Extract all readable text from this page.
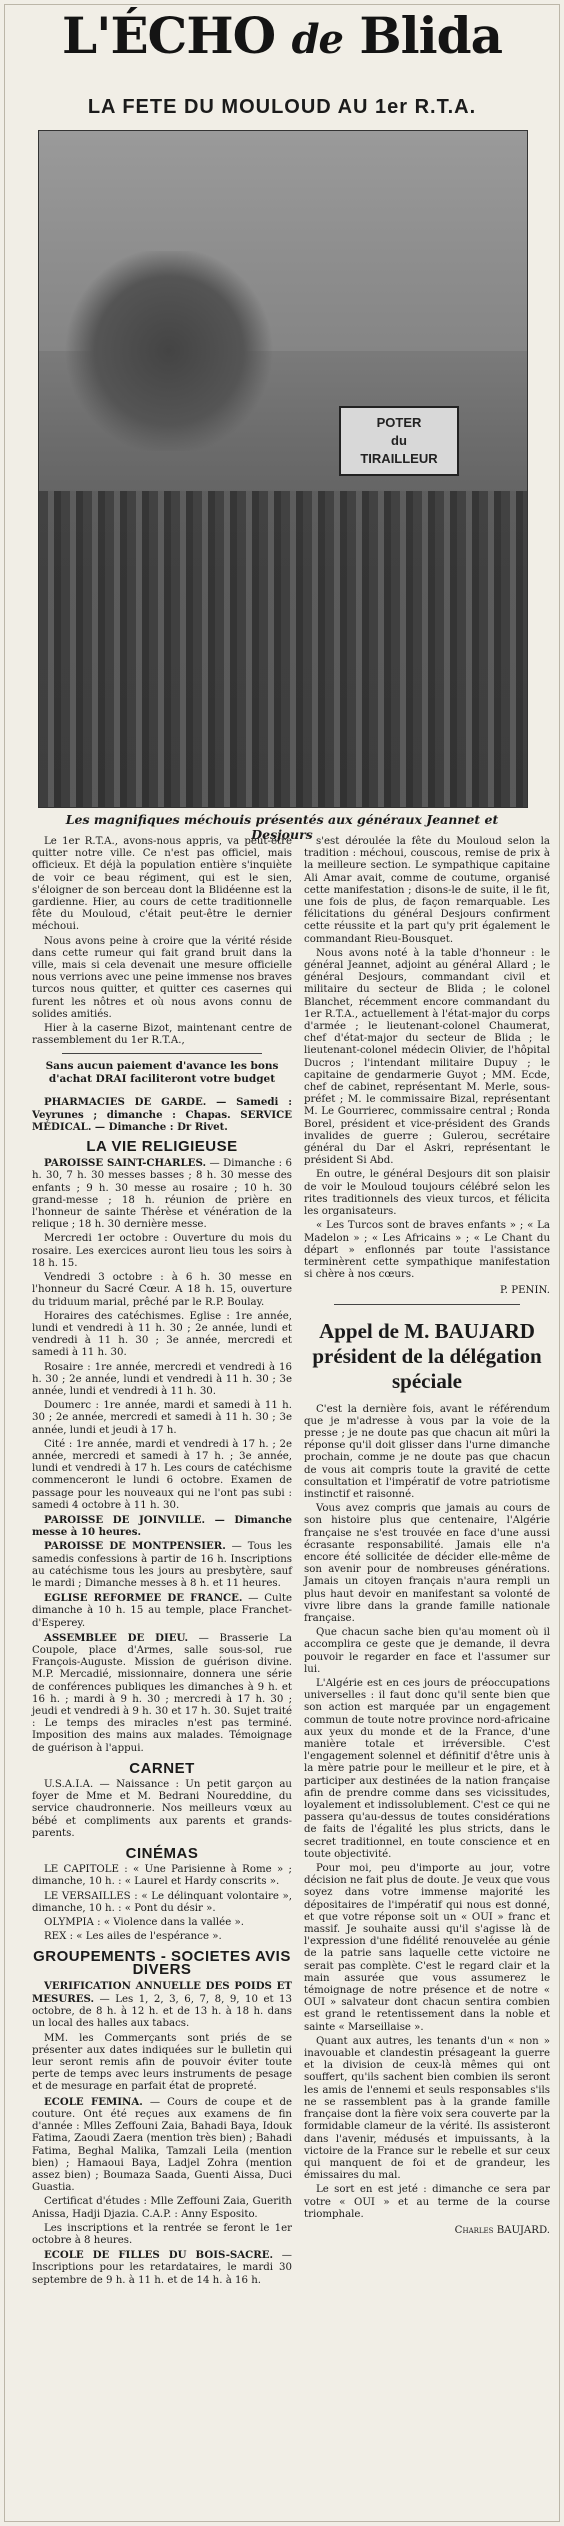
L'ÉCHO de Blida
LA FETE DU MOULOUD AU 1er R.T.A.
POTER
du
TIRAILLEUR
Les magnifiques méchouis présentés aux généraux Jeannet et Desjours

Le 1er R.T.A., avons-nous appris, va peut-être quitter notre ville. Ce n'est pas officiel, mais officieux. Et déjà la population entière s'inquiète de voir ce beau régiment, qui est le sien, s'éloigner de son berceau dont la Blidéenne est la gardienne. Hier, au cours de cette traditionnelle fête du Mouloud, c'était peut-être le dernier méchoui.

Nous avons peine à croire que la vérité réside dans cette rumeur qui fait grand bruit dans la ville, mais si cela devenait une mesure officielle nous verrions avec une peine immense nos braves turcos nous quitter, et quitter ces casernes qui furent les nôtres et où nous avons connu de solides amitiés.

Hier à la caserne Bizot, maintenant centre de rassemblement du 1er R.T.A.,

Sans aucun paiement d'avance les bons d'achat DRAI faciliteront votre budget

PHARMACIES DE GARDE. — Samedi : Veyrunes ; dimanche : Chapas. SERVICE MÉDICAL. — Dimanche : Dr Rivet.

LA VIE RELIGIEUSE

PAROISSE SAINT-CHARLES. — Dimanche : 6 h. 30, 7 h. 30 messes basses ; 8 h. 30 messe des enfants ; 9 h. 30 messe au rosaire ; 10 h. 30 grand-messe ; 18 h. réunion de prière en l'honneur de sainte Thérèse et vénération de la relique ; 18 h. 30 dernière messe.

Mercredi 1er octobre : Ouverture du mois du rosaire. Les exercices auront lieu tous les soirs à 18 h. 15.

Vendredi 3 octobre : à 6 h. 30 messe en l'honneur du Sacré Cœur. A 18 h. 15, ouverture du triduum marial, prêché par le R.P. Boulay.

Horaires des catéchismes. Eglise : 1re année, lundi et vendredi à 11 h. 30 ; 2e année, lundi et vendredi à 11 h. 30 ; 3e année, mercredi et samedi à 11 h. 30.

Rosaire : 1re année, mercredi et vendredi à 16 h. 30 ; 2e année, lundi et vendredi à 11 h. 30 ; 3e année, lundi et vendredi à 11 h. 30.

Doumerc : 1re année, mardi et samedi à 11 h. 30 ; 2e année, mercredi et samedi à 11 h. 30 ; 3e année, lundi et jeudi à 17 h.

Cité : 1re année, mardi et vendredi à 17 h. ; 2e année, mercredi et samedi à 17 h. ; 3e année, lundi et vendredi à 17 h. Les cours de catéchisme commenceront le lundi 6 octobre. Examen de passage pour les nouveaux qui ne l'ont pas subi : samedi 4 octobre à 11 h. 30.

PAROISSE DE JOINVILLE. — Dimanche messe à 10 heures.

PAROISSE DE MONTPENSIER. — Tous les samedis confessions à partir de 16 h. Inscriptions au catéchisme tous les jours au presbytère, sauf le mardi ; Dimanche messes à 8 h. et 11 heures.

EGLISE REFORMEE DE FRANCE. — Culte dimanche à 10 h. 15 au temple, place Franchet-d'Esperey.

ASSEMBLEE DE DIEU. — Brasserie La Coupole, place d'Armes, salle sous-sol, rue François-Auguste. Mission de guérison divine. M.P. Mercadié, missionnaire, donnera une série de conférences publiques les dimanches à 9 h. et 16 h. ; mardi à 9 h. 30 ; mercredi à 17 h. 30 ; jeudi et vendredi à 9 h. 30 et 17 h. 30. Sujet traité : Le temps des miracles n'est pas terminé. Imposition des mains aux malades. Témoignage de guérison à l'appui.

CARNET

U.S.A.I.A. — Naissance : Un petit garçon au foyer de Mme et M. Bedrani Noureddine, du service chaudronnerie. Nos meilleurs vœux au bébé et compliments aux parents et grands-parents.

CINÉMAS

LE CAPITOLE : « Une Parisienne à Rome » ; dimanche, 10 h. : « Laurel et Hardy conscrits ».

LE VERSAILLES : « Le délinquant volontaire », dimanche, 10 h. : « Pont du désir ».

OLYMPIA : « Violence dans la vallée ».

REX : « Les ailes de l'espérance ».

GROUPEMENTS - SOCIETES AVIS DIVERS

VERIFICATION ANNUELLE DES POIDS ET MESURES. — Les 1, 2, 3, 6, 7, 8, 9, 10 et 13 octobre, de 8 h. à 12 h. et de 13 h. à 18 h. dans un local des halles aux tabacs.

MM. les Commerçants sont priés de se présenter aux dates indiquées sur le bulletin qui leur seront remis afin de pouvoir éviter toute perte de temps avec leurs instruments de pesage et de mesurage en parfait état de propreté.

ECOLE FEMINA. — Cours de coupe et de couture. Ont été reçues aux examens de fin d'année : Mlles Zeffouni Zaia, Bahadi Baya, Idouk Fatima, Zaoudi Zaera (mention très bien) ; Bahadi Fatima, Beghal Malika, Tamzali Leila (mention bien) ; Hamaoui Baya, Ladjel Zohra (mention assez bien) ; Boumaza Saada, Guenti Aissa, Duci Guastia.

Certificat d'études : Mlle Zeffouni Zaia, Guerith Anissa, Hadji Djazia. C.A.P. : Anny Esposito.

Les inscriptions et la rentrée se feront le 1er octobre à 8 heures.

ECOLE DE FILLES DU BOIS-SACRE. — Inscriptions pour les retardataires, le mardi 30 septembre de 9 h. à 11 h. et de 14 h. à 16 h.

s'est déroulée la fête du Mouloud selon la tradition : méchoui, couscous, remise de prix à la meilleure section. Le sympathique capitaine Ali Amar avait, comme de coutume, organisé cette manifestation ; disons-le de suite, il le fit, une fois de plus, de façon remarquable. Les félicitations du général Desjours confirment cette réussite et la part qu'y prit également le commandant Rieu-Bousquet.

Nous avons noté à la table d'honneur : le général Jeannet, adjoint au général Allard ; le général Desjours, commandant civil et militaire du secteur de Blida ; le colonel Blanchet, récemment encore commandant du 1er R.T.A., actuellement à l'état-major du corps d'armée ; le lieutenant-colonel Chaumerat, chef d'état-major du secteur de Blida ; le lieutenant-colonel médecin Olivier, de l'hôpital Ducros ; l'intendant militaire Dupuy ; le capitaine de gendarmerie Guyot ; MM. Ecde, chef de cabinet, représentant M. Merle, sous-préfet ; M. le commissaire Bizal, représentant M. Le Gourrierec, commissaire central ; Ronda Borel, président et vice-président des Grands invalides de guerre ; Gulerou, secrétaire général du Dar el Askri, représentant le président Si Abd.

En outre, le général Desjours dit son plaisir de voir le Mouloud toujours célébré selon les rites traditionnels des vieux turcos, et félicita les organisateurs.

« Les Turcos sont de braves enfants » ; « La Madelon » ; « Les Africains » ; « Le Chant du départ » enflonnés par toute l'assistance terminèrent cette sympathique manifestation si chère à nos cœurs.

P. PENIN.
Appel de M. BAUJARD président de la délégation spéciale

C'est la dernière fois, avant le référendum que je m'adresse à vous par la voie de la presse ; je ne doute pas que chacun ait mûri la réponse qu'il doit glisser dans l'urne dimanche prochain, comme je ne doute pas que chacun de vous ait compris toute la gravité de cette consultation et l'impératif de votre patriotisme instinctif et raisonné.

Vous avez compris que jamais au cours de son histoire plus que centenaire, l'Algérie française ne s'est trouvée en face d'une aussi écrasante responsabilité. Jamais elle n'a encore été sollicitée de décider elle-même de son avenir pour de nombreuses générations. Jamais un citoyen français n'aura rempli un plus haut devoir en manifestant sa volonté de vivre libre dans la grande famille nationale française.

Que chacun sache bien qu'au moment où il accomplira ce geste que je demande, il devra pouvoir le regarder en face et l'assumer sur lui.

L'Algérie est en ces jours de préoccupations universelles : il faut donc qu'il sente bien que son action est marquée par un engagement commun de toute notre province nord-africaine aux yeux du monde et de la France, d'une manière totale et irréversible. C'est l'engagement solennel et définitif d'être unis à la mère patrie pour le meilleur et le pire, et à participer aux destinées de la nation française afin de prendre comme dans ses vicissitudes, loyalement et indissolublement. C'est ce qui ne passera qu'au-dessus de toutes considérations de faits de l'égalité les plus stricts, dans le secret traditionnel, en toute conscience et en toute objectivité.

Pour moi, peu d'importe au jour, votre décision ne fait plus de doute. Je veux que vous soyez dans votre immense majorité les dépositaires de l'impératif qui nous est donné, et que votre réponse soit un « OUI » franc et massif. Je souhaite aussi qu'il s'agisse là de l'expression d'une fidélité renouvelée au génie de la patrie sans laquelle cette victoire ne serait pas complète. C'est le regard clair et la main assurée que vous assumerez le témoignage de notre présence et de notre « OUI » salvateur dont chacun sentira combien est grand le retentissement dans la noble et sainte « Marseillaise ».

Quant aux autres, les tenants d'un « non » inavouable et clandestin présageant la guerre et la division de ceux-là mêmes qui ont souffert, qu'ils sachent bien combien ils seront les amis de l'ennemi et seuls responsables s'ils ne se rassemblent pas à la grande famille française dont la fière voix sera couverte par la formidable clameur de la vérité. Ils assisteront dans l'avenir, médusés et impuissants, à la victoire de la France sur le rebelle et sur ceux qui manquent de foi et de grandeur, les émissaires du mal.

Le sort en est jeté : dimanche ce sera par votre « OUI » et au terme de la course triomphale.

Charles BAUJARD.
